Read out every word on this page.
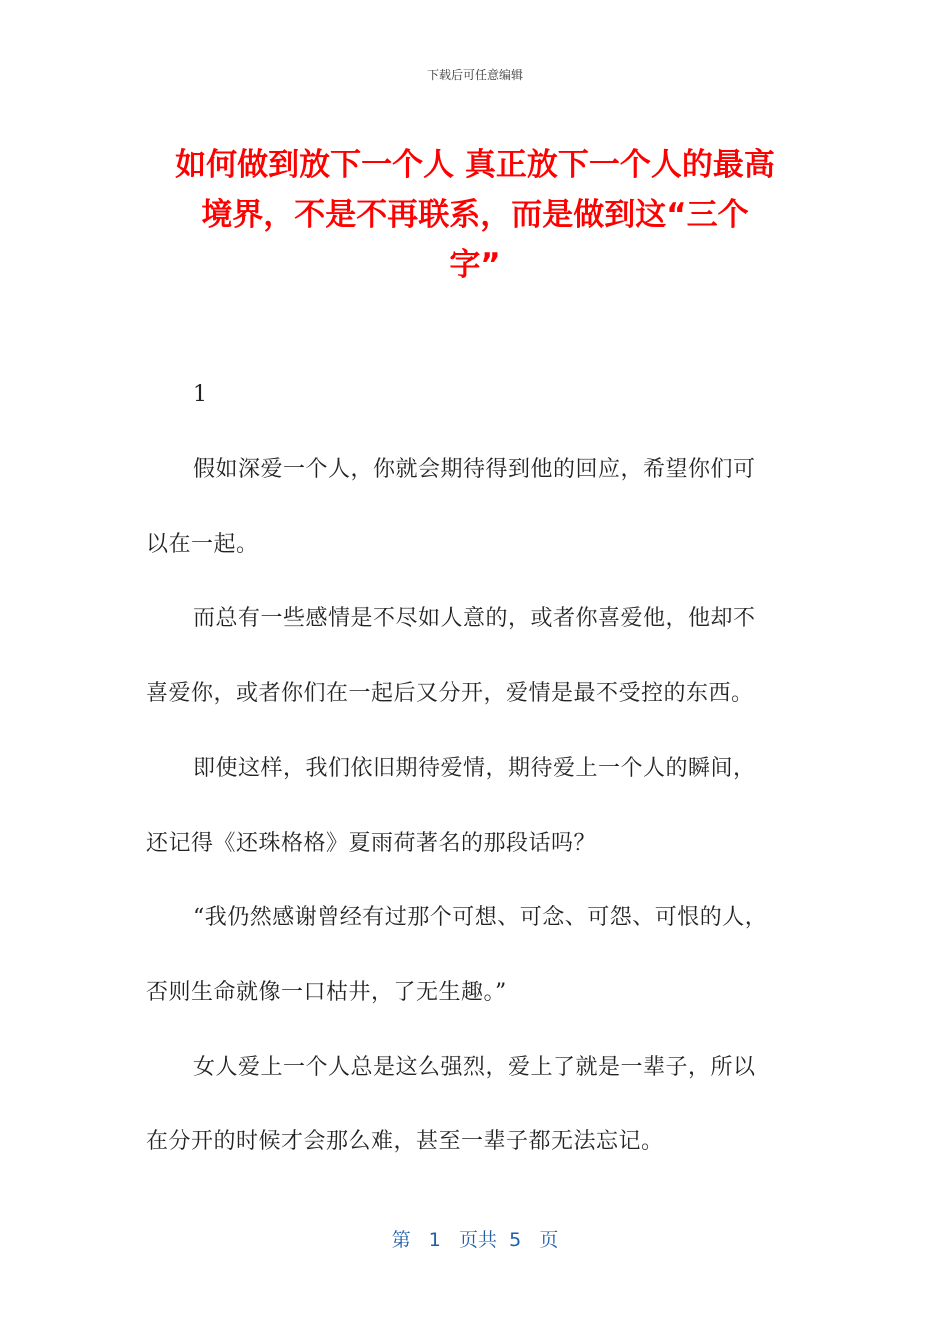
下载后可任意编辑
如何做到放下一个人 真正放下一个人的最高
境界，不是不再联系，而是做到这“三个
字”
1
假如深爱一个人，你就会期待得到他的回应，希望你们可
以在一起。
而总有一些感情是不尽如人意的，或者你喜爱他，他却不
喜爱你，或者你们在一起后又分开，爱情是最不受控的东西。
即使这样，我们依旧期待爱情，期待爱上一个人的瞬间，
还记得《还珠格格》夏雨荷著名的那段话吗？
“我仍然感谢曾经有过那个可想、可念、可怨、可恨的人，
否则生命就像一口枯井，了无生趣。”
女人爱上一个人总是这么强烈，爱上了就是一辈子，所以
在分开的时候才会那么难，甚至一辈子都无法忘记。
第 1 页共 5 页
